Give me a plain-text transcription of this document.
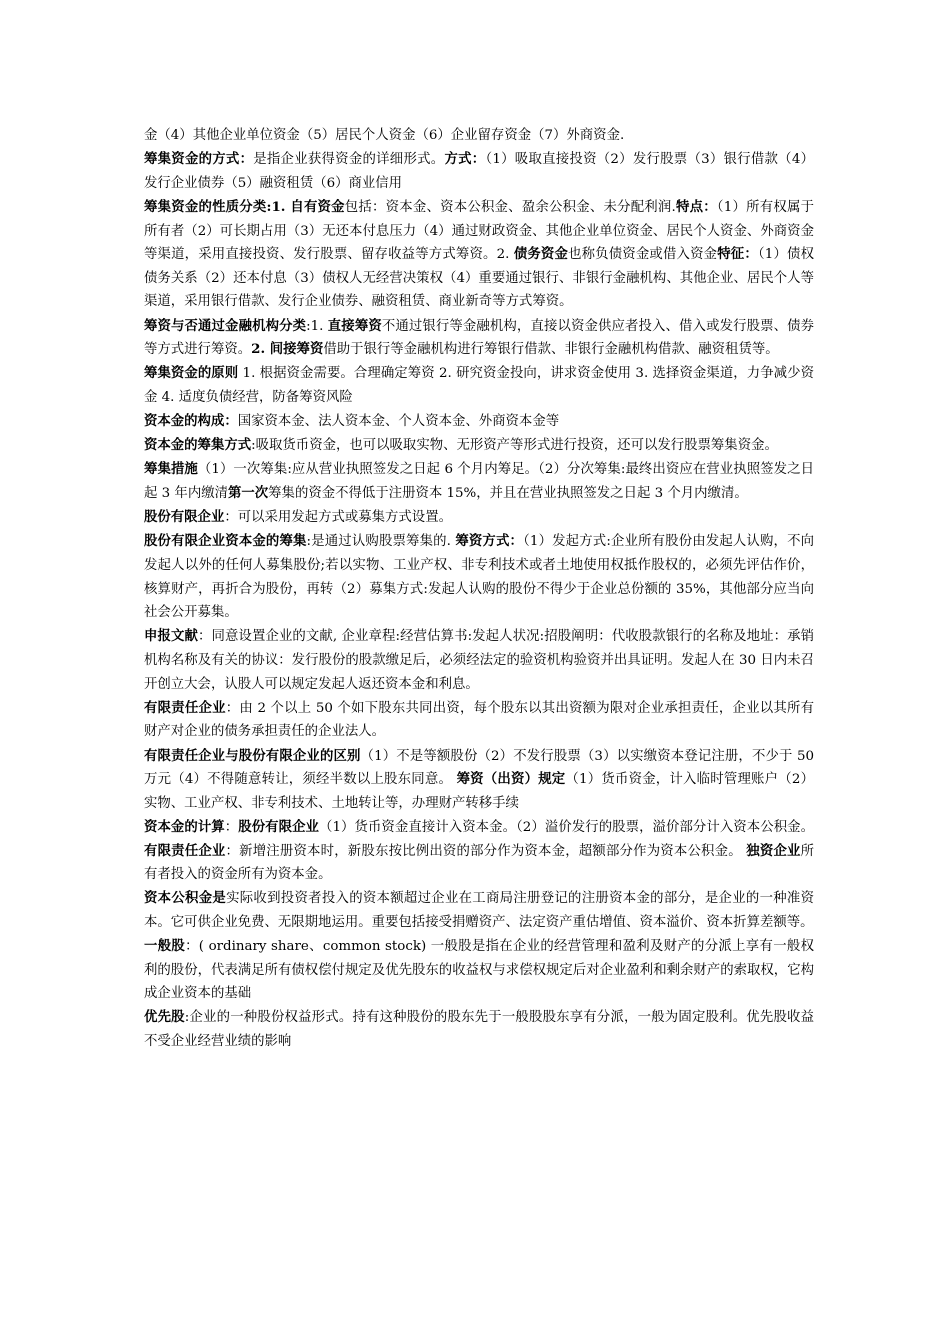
金（4）其他企业单位资金（5）居民个人资金（6）企业留存资金（7）外商资金.

筹集资金的方式：是指企业获得资金的详细形式。方式：（1）吸取直接投资（2）发行股票（3）银行借款（4）发行企业债券（5）融资租赁（6）商业信用

筹集资金的性质分类:1. 自有资金包括：资本金、资本公积金、盈余公积金、未分配利润.特点：（1）所有权属于所有者（2）可长期占用（3）无还本付息压力（4）通过财政资金、其他企业单位资金、居民个人资金、外商资金等渠道，采用直接投资、发行股票、留存收益等方式筹资。2. 债务资金也称负债资金或借入资金特征：（1）债权债务关系（2）还本付息（3）债权人无经营决策权（4）重要通过银行、非银行金融机构、其他企业、居民个人等渠道，采用银行借款、发行企业债券、融资租赁、商业新奇等方式筹资。

筹资与否通过金融机构分类:1. 直接筹资不通过银行等金融机构，直接以资金供应者投入、借入或发行股票、债券等方式进行筹资。2. 间接筹资借助于银行等金融机构进行筹银行借款、非银行金融机构借款、融资租赁等。

筹集资金的原则 1. 根据资金需要。合理确定筹资 2. 研究资金投向，讲求资金使用 3. 选择资金渠道，力争减少资金 4. 适度负债经营，防备筹资风险

资本金的构成：国家资本金、法人资本金、个人资本金、外商资本金等

资本金的筹集方式:吸取货币资金，也可以吸取实物、无形资产等形式进行投资，还可以发行股票筹集资金。

筹集措施（1）一次筹集:应从营业执照签发之日起 6 个月内筹足。（2）分次筹集:最终出资应在营业执照签发之日起 3 年内缴清第一次筹集的资金不得低于注册资本 15%，并且在营业执照签发之日起 3 个月内缴清。

股份有限企业：可以采用发起方式或募集方式设置。

股份有限企业资本金的筹集:是通过认购股票筹集的. 筹资方式：（1）发起方式:企业所有股份由发起人认购，不向发起人以外的任何人募集股份;若以实物、工业产权、非专利技术或者土地使用权抵作股权的，必须先评估作价，核算财产，再折合为股份，再转（2）募集方式:发起人认购的股份不得少于企业总份额的 35%，其他部分应当向社会公开募集。

申报文献：同意设置企业的文献, 企业章程:经营估算书:发起人状况:招股阐明：代收股款银行的名称及地址：承销机构名称及有关的协议：发行股份的股款缴足后，必须经法定的验资机构验资并出具证明。发起人在 30 日内未召开创立大会，认股人可以规定发起人返还资本金和利息。

有限责任企业：由 2 个以上 50 个如下股东共同出资，每个股东以其出资额为限对企业承担责任，企业以其所有财产对企业的债务承担责任的企业法人。

有限责任企业与股份有限企业的区别（1）不是等额股份（2）不发行股票（3）以实缴资本登记注册，不少于 50 万元（4）不得随意转让，须经半数以上股东同意。 筹资（出资）规定（1）货币资金，计入临时管理账户（2）实物、工业产权、非专利技术、土地转让等，办理财产转移手续

资本金的计算：股份有限企业（1）货币资金直接计入资本金。（2）溢价发行的股票，溢价部分计入资本公积金。有限责任企业：新增注册资本时，新股东按比例出资的部分作为资本金，超额部分作为资本公积金。 独资企业所有者投入的资金所有为资本金。

资本公积金是实际收到投资者投入的资本额超过企业在工商局注册登记的注册资本金的部分，是企业的一种准资本。它可供企业免费、无限期地运用。重要包括接受捐赠资产、法定资产重估增值、资本溢价、资本折算差额等。

一般股：( ordinary share、common stock) 一般股是指在企业的经营管理和盈利及财产的分派上享有一般权利的股份，代表满足所有债权偿付规定及优先股东的收益权与求偿权规定后对企业盈利和剩余财产的索取权，它构成企业资本的基础

优先股:企业的一种股份权益形式。持有这种股份的股东先于一般股股东享有分派，一般为固定股利。优先股收益不受企业经营业绩的影响
